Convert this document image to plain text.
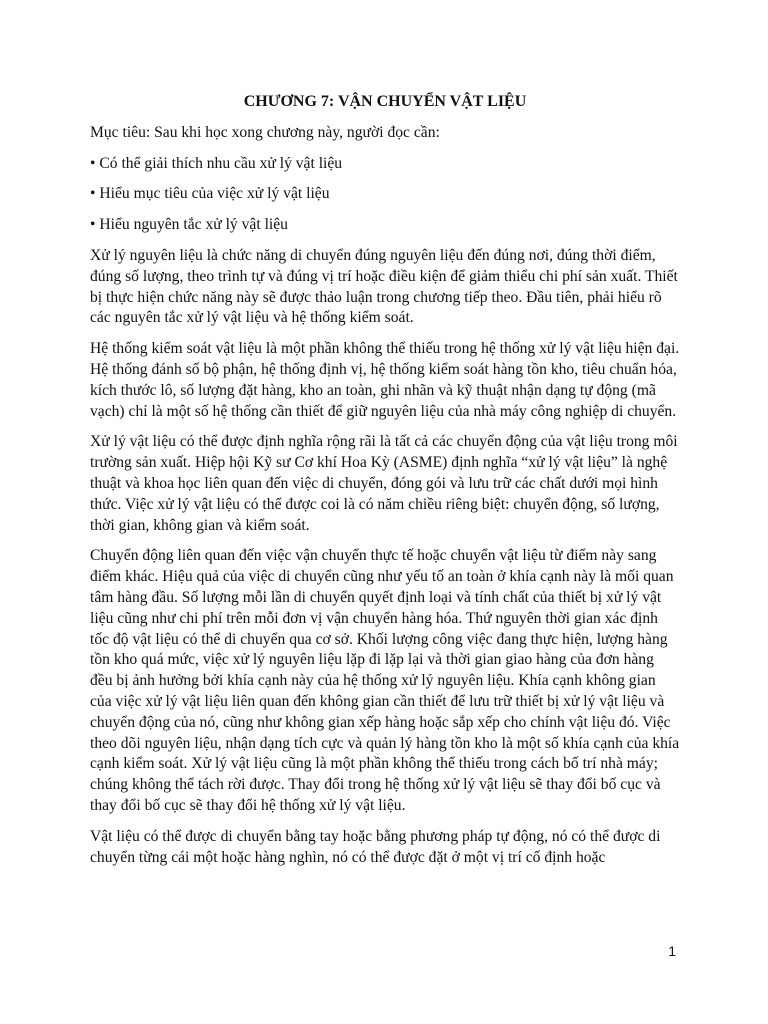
CHƯƠNG 7: VẬN CHUYỂN VẬT LIỆU
Mục tiêu: Sau khi học xong chương này, người đọc cần:
• Có thể giải thích nhu cầu xử lý vật liệu
• Hiểu mục tiêu của việc xử lý vật liệu
• Hiểu nguyên tắc xử lý vật liệu
Xử lý nguyên liệu là chức năng di chuyển đúng nguyên liệu đến đúng nơi, đúng thời điểm, đúng số lượng, theo trình tự và đúng vị trí hoặc điều kiện để giảm thiểu chi phí sản xuất. Thiết bị thực hiện chức năng này sẽ được thảo luận trong chương tiếp theo. Đầu tiên, phải hiểu rõ các nguyên tắc xử lý vật liệu và hệ thống kiểm soát.
Hệ thống kiểm soát vật liệu là một phần không thể thiếu trong hệ thống xử lý vật liệu hiện đại. Hệ thống đánh số bộ phận, hệ thống định vị, hệ thống kiểm soát hàng tồn kho, tiêu chuẩn hóa, kích thước lô, số lượng đặt hàng, kho an toàn, ghi nhãn và kỹ thuật nhận dạng tự động (mã vạch) chỉ là một số hệ thống cần thiết để giữ nguyên liệu của nhà máy công nghiệp di chuyển.
Xử lý vật liệu có thể được định nghĩa rộng rãi là tất cả các chuyển động của vật liệu trong môi trường sản xuất. Hiệp hội Kỹ sư Cơ khí Hoa Kỳ (ASME) định nghĩa “xử lý vật liệu” là nghệ thuật và khoa học liên quan đến việc di chuyển, đóng gói và lưu trữ các chất dưới mọi hình thức. Việc xử lý vật liệu có thể được coi là có năm chiều riêng biệt: chuyển động, số lượng, thời gian, không gian và kiểm soát.
Chuyển động liên quan đến việc vận chuyển thực tế hoặc chuyển vật liệu từ điểm này sang điểm khác. Hiệu quả của việc di chuyển cũng như yếu tố an toàn ở khía cạnh này là mối quan tâm hàng đầu. Số lượng mỗi lần di chuyển quyết định loại và tính chất của thiết bị xử lý vật liệu cũng như chi phí trên mỗi đơn vị vận chuyển hàng hóa. Thứ nguyên thời gian xác định tốc độ vật liệu có thể di chuyển qua cơ sở. Khối lượng công việc đang thực hiện, lượng hàng tồn kho quá mức, việc xử lý nguyên liệu lặp đi lặp lại và thời gian giao hàng của đơn hàng đều bị ảnh hưởng bởi khía cạnh này của hệ thống xử lý nguyên liệu. Khía cạnh không gian của việc xử lý vật liệu liên quan đến không gian cần thiết để lưu trữ thiết bị xử lý vật liệu và chuyển động của nó, cũng như không gian xếp hàng hoặc sắp xếp cho chính vật liệu đó. Việc theo dõi nguyên liệu, nhận dạng tích cực và quản lý hàng tồn kho là một số khía cạnh của khía cạnh kiểm soát. Xử lý vật liệu cũng là một phần không thể thiếu trong cách bố trí nhà máy; chúng không thể tách rời được. Thay đổi trong hệ thống xử lý vật liệu sẽ thay đổi bố cục và thay đổi bố cục sẽ thay đổi hệ thống xử lý vật liệu.
Vật liệu có thể được di chuyển bằng tay hoặc bằng phương pháp tự động, nó có thể được di chuyển từng cái một hoặc hàng nghìn, nó có thể được đặt ở một vị trí cố định hoặc
1
